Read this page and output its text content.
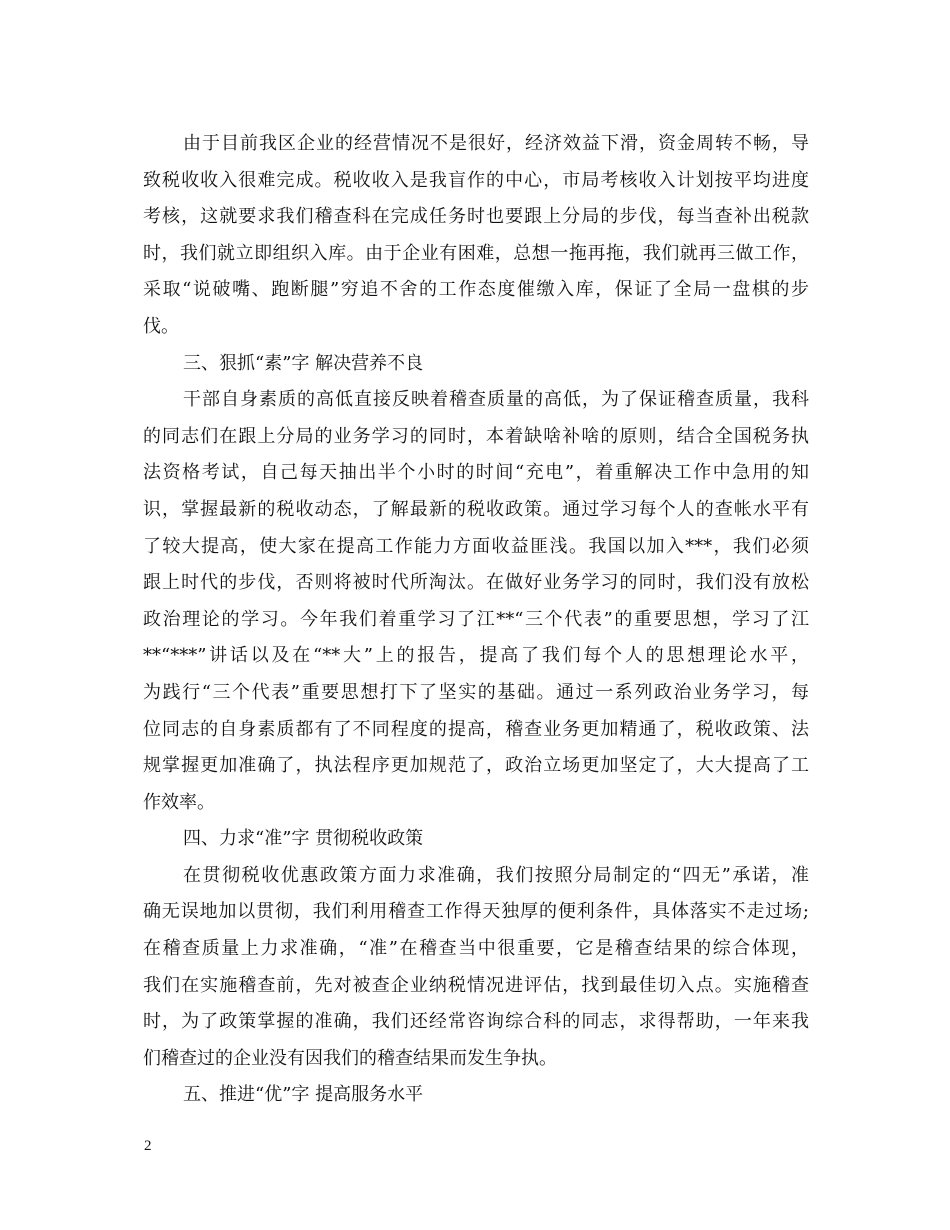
由于目前我区企业的经营情况不是很好，经济效益下滑，资金周转不畅，导
致税收收入很难完成。税收收入是我盲作的中心，市局考核收入计划按平均进度
考核，这就要求我们稽查科在完成任务时也要跟上分局的步伐，每当查补出税款
时，我们就立即组织入库。由于企业有困难，总想一拖再拖，我们就再三做工作，
采取“说破嘴、跑断腿”穷追不舍的工作态度催缴入库，保证了全局一盘棋的步
伐。
三、狠抓“素”字 解决营养不良
干部自身素质的高低直接反映着稽查质量的高低，为了保证稽查质量，我科
的同志们在跟上分局的业务学习的同时，本着缺啥补啥的原则，结合全国税务执
法资格考试，自己每天抽出半个小时的时间“充电”，着重解决工作中急用的知
识，掌握最新的税收动态，了解最新的税收政策。通过学习每个人的查帐水平有
了较大提高，使大家在提高工作能力方面收益匪浅。我国以加入***，我们必须
跟上时代的步伐，否则将被时代所淘汰。在做好业务学习的同时，我们没有放松
政治理论的学习。今年我们着重学习了江**“三个代表”的重要思想，学习了江
**“***”讲话以及在“**大”上的报告，提高了我们每个人的思想理论水平，
为践行“三个代表”重要思想打下了坚实的基础。通过一系列政治业务学习，每
位同志的自身素质都有了不同程度的提高，稽查业务更加精通了，税收政策、法
规掌握更加准确了，执法程序更加规范了，政治立场更加坚定了，大大提高了工
作效率。
四、力求“准”字 贯彻税收政策
在贯彻税收优惠政策方面力求准确，我们按照分局制定的“四无”承诺，准
确无误地加以贯彻，我们利用稽查工作得天独厚的便利条件，具体落实不走过场;
在稽查质量上力求准确，“准”在稽查当中很重要，它是稽查结果的综合体现，
我们在实施稽查前，先对被查企业纳税情况进评估，找到最佳切入点。实施稽查
时，为了政策掌握的准确，我们还经常咨询综合科的同志，求得帮助，一年来我
们稽查过的企业没有因我们的稽查结果而发生争执。
五、推进“优”字 提高服务水平
2
